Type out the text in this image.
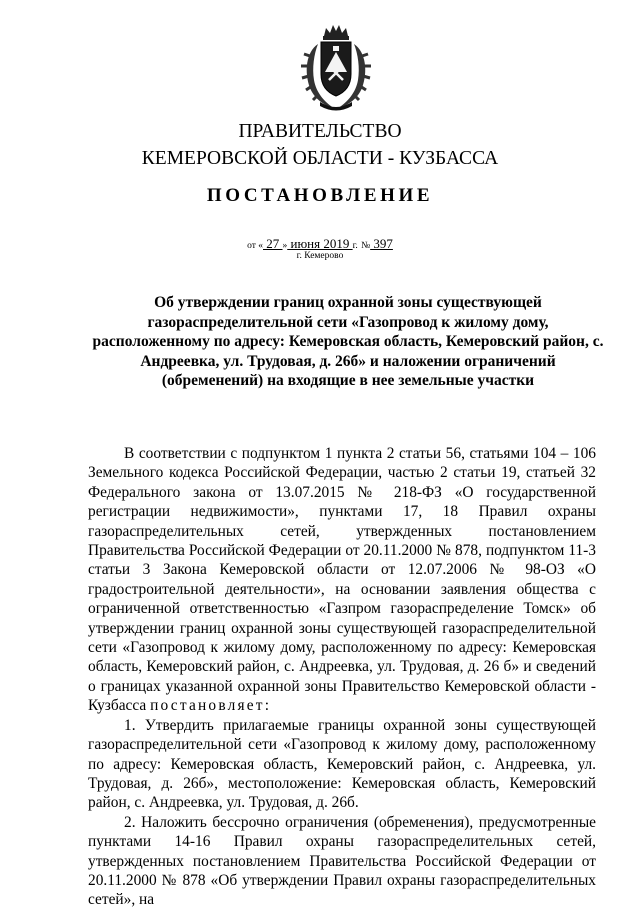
ПРАВИТЕЛЬСТВО
КЕМЕРОВСКОЙ ОБЛАСТИ - КУЗБАССА
ПОСТАНОВЛЕНИЕ
от « 27 » июня 2019 г. № 397
г. Кемерово
Об утверждении границ охранной зоны существующей газораспределительной сети «Газопровод к жилому дому, расположенному по адресу: Кемеровская область, Кемеровский район, с. Андреевка, ул. Трудовая, д. 26б» и наложении ограничений (обременений) на входящие в нее земельные участки

В соответствии с подпунктом 1 пункта 2 статьи 56, статьями 104 – 106 Земельного кодекса Российской Федерации, частью 2 статьи 19, статьей 32 Федерального закона от 13.07.2015 № 218-ФЗ «О государственной регистрации недвижимости», пунктами 17, 18 Правил охраны газораспределительных сетей, утвержденных постановлением Правительства Российской Федерации от 20.11.2000 № 878, подпунктом 11-3 статьи 3 Закона Кемеровской области от 12.07.2006 № 98-ОЗ «О градостроительной деятельности», на основании заявления общества с ограниченной ответственностью «Газпром газораспределение Томск» об утверждении границ охранной зоны существующей газораспределительной сети «Газопровод к жилому дому, расположенному по адресу: Кемеровская область, Кемеровский район, с. Андреевка, ул. Трудовая, д. 26 б» и сведений о границах указанной охранной зоны Правительство Кемеровской области - Кузбасса постановляет:

1. Утвердить прилагаемые границы охранной зоны существующей газораспределительной сети «Газопровод к жилому дому, расположенному по адресу: Кемеровская область, Кемеровский район, с. Андреевка, ул. Трудовая, д. 26б», местоположение: Кемеровская область, Кемеровский район, с. Андреевка, ул. Трудовая, д. 26б.

2. Наложить бессрочно ограничения (обременения), предусмотренные пунктами 14-16 Правил охраны газораспределительных сетей, утвержденных постановлением Правительства Российской Федерации от 20.11.2000 № 878 «Об утверждении Правил охраны газораспределительных сетей», на
